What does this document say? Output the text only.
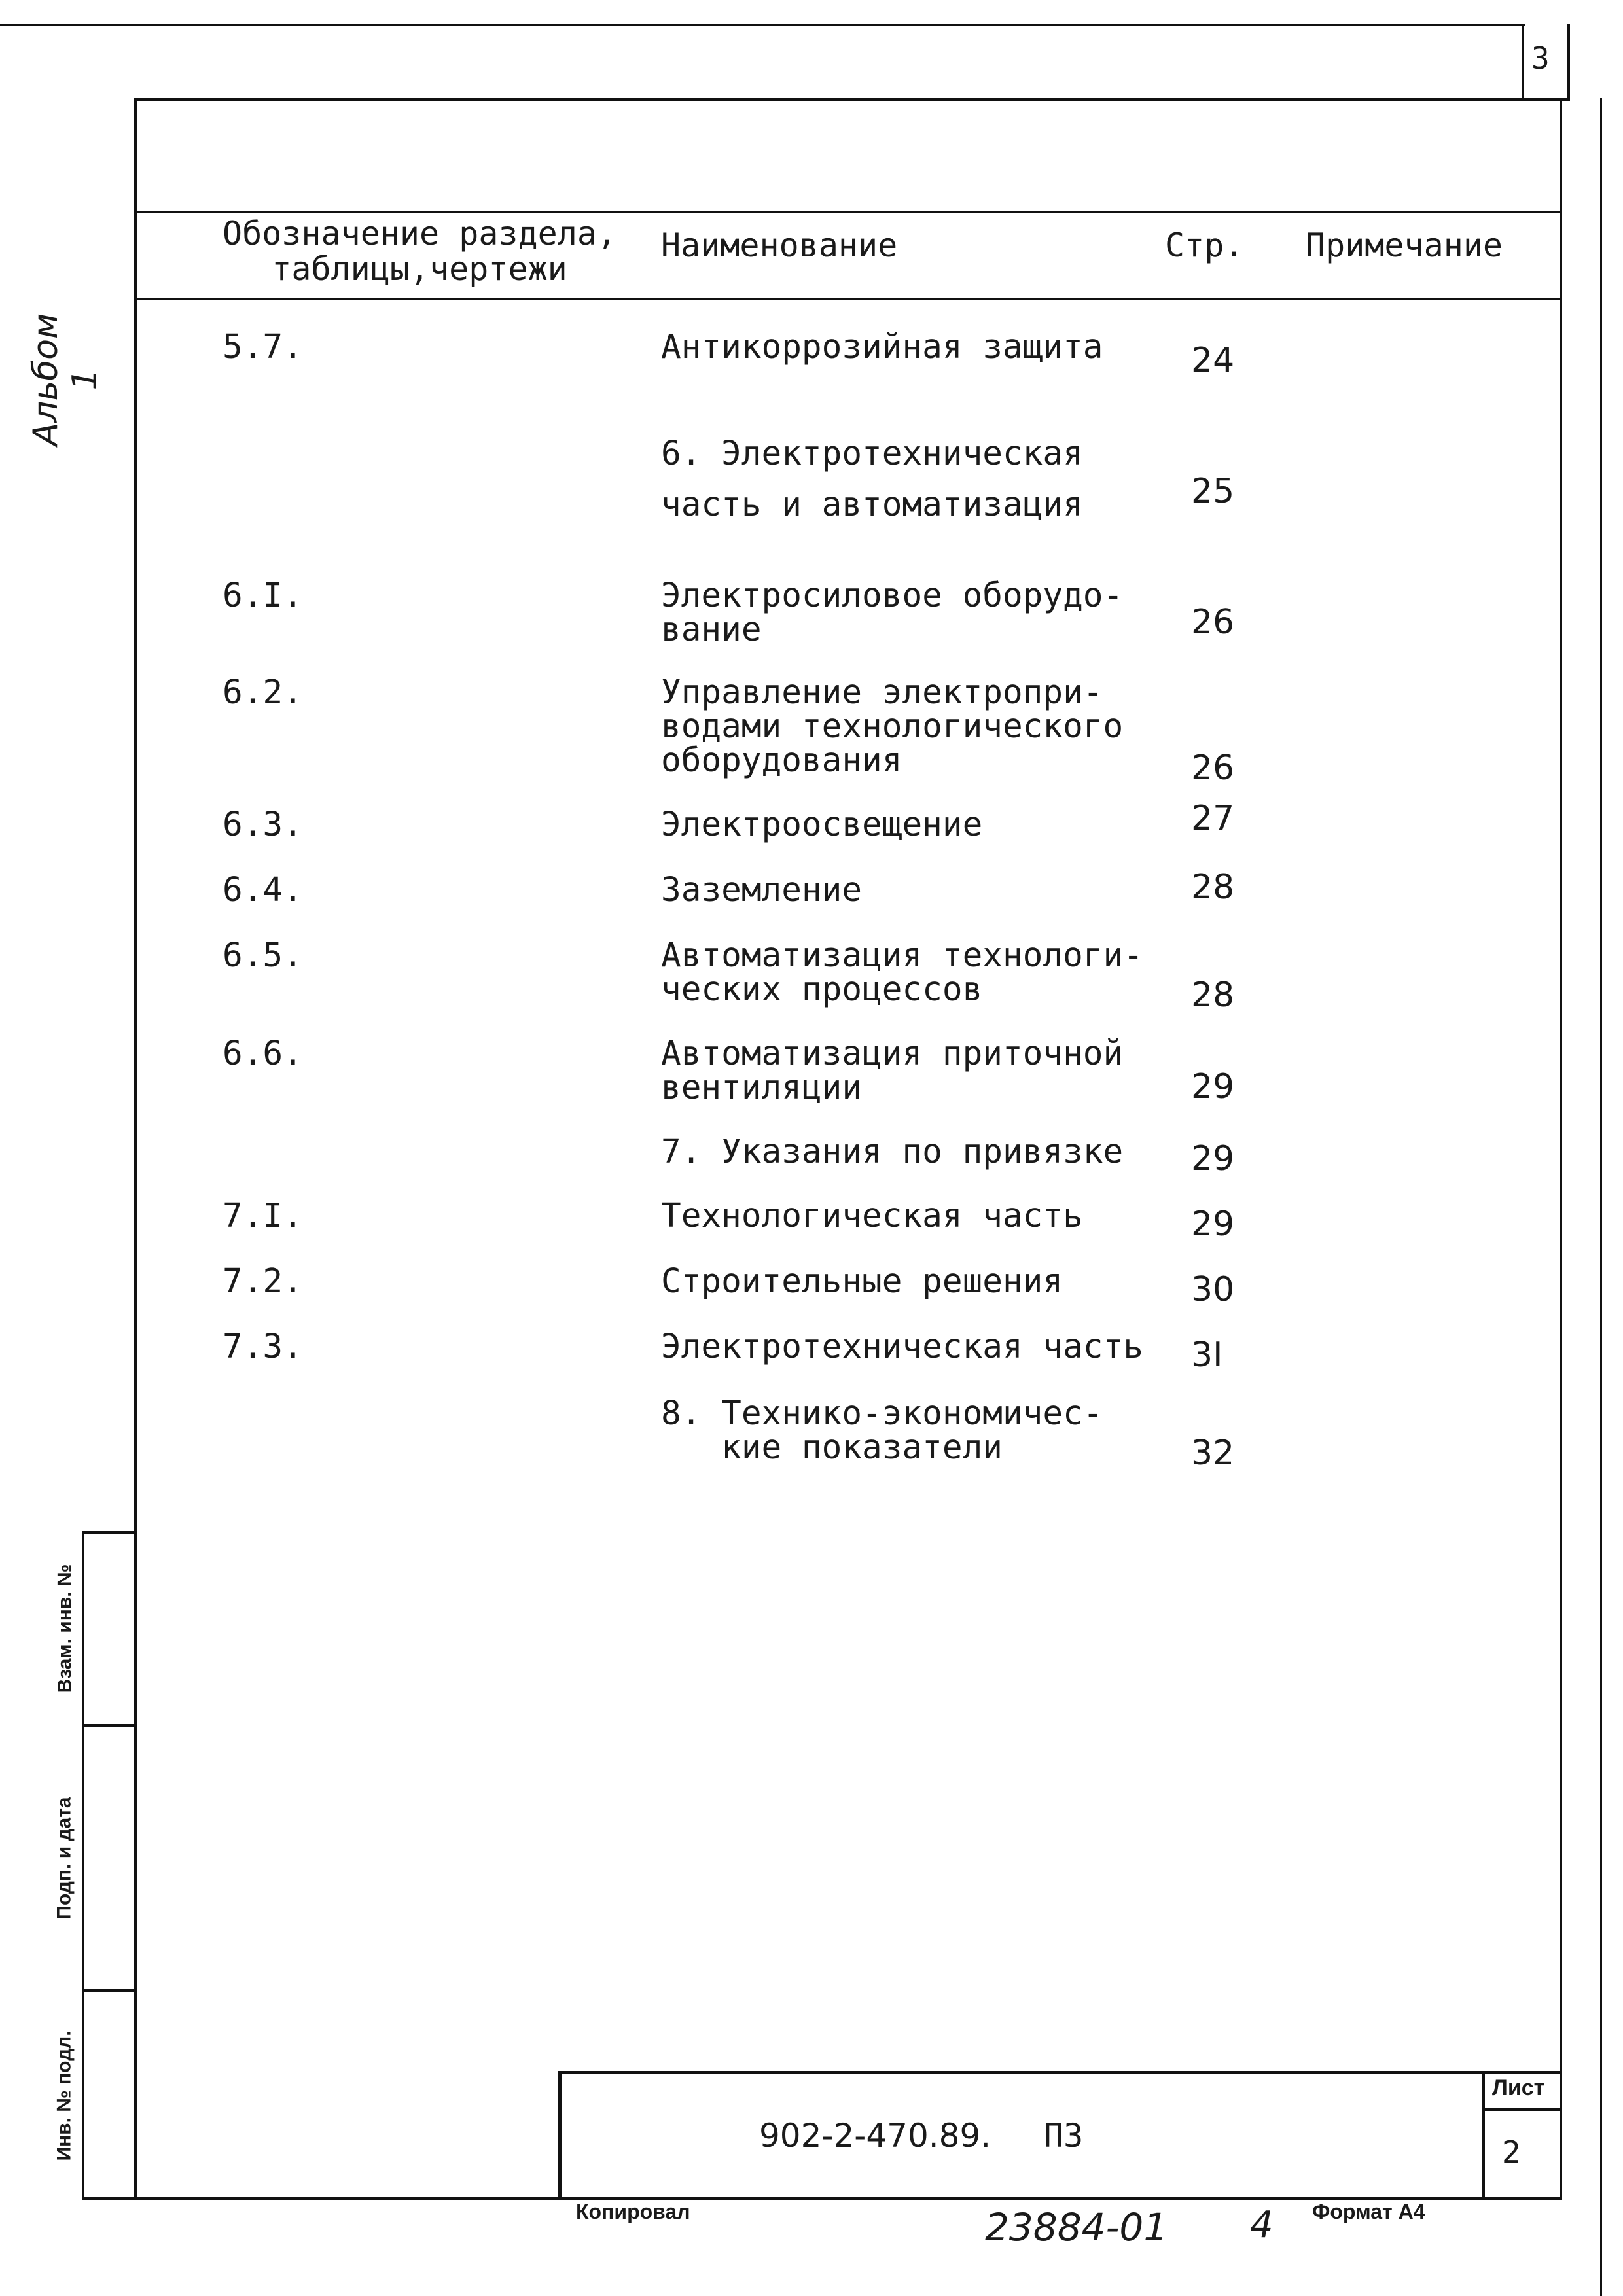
3
Альбом 1
Обозначение раздела,
таблицы,чертежи
Наименование	Стр. Примечание
5.7.	Антикоррозийная защита	24
6. Электротехническая
часть и автоматизация	25
6.I.	Электросиловое оборудо-
вание	26
6.2.	Управление электропри-
водами технологического
оборудования	26
6.3.	Электроосвещение	27
6.4.	Заземление	28
6.5.	Автоматизация технологи-
ческих процессов	28
6.6.	Автоматизация приточной
вентиляции	29
7. Указания по привязке	29
7.I.	Технологическая часть	29
7.2.	Строительные решения	30
7.3.	Электротехническая часть	3I
8. Технико-экономичес-
кие показатели	32
Взам. инв. №
Подп. и дата
Инв. № подл.	902-2-470.89. ПЗ
Лист
2
Копировал	23884-01 4 Формат А4
